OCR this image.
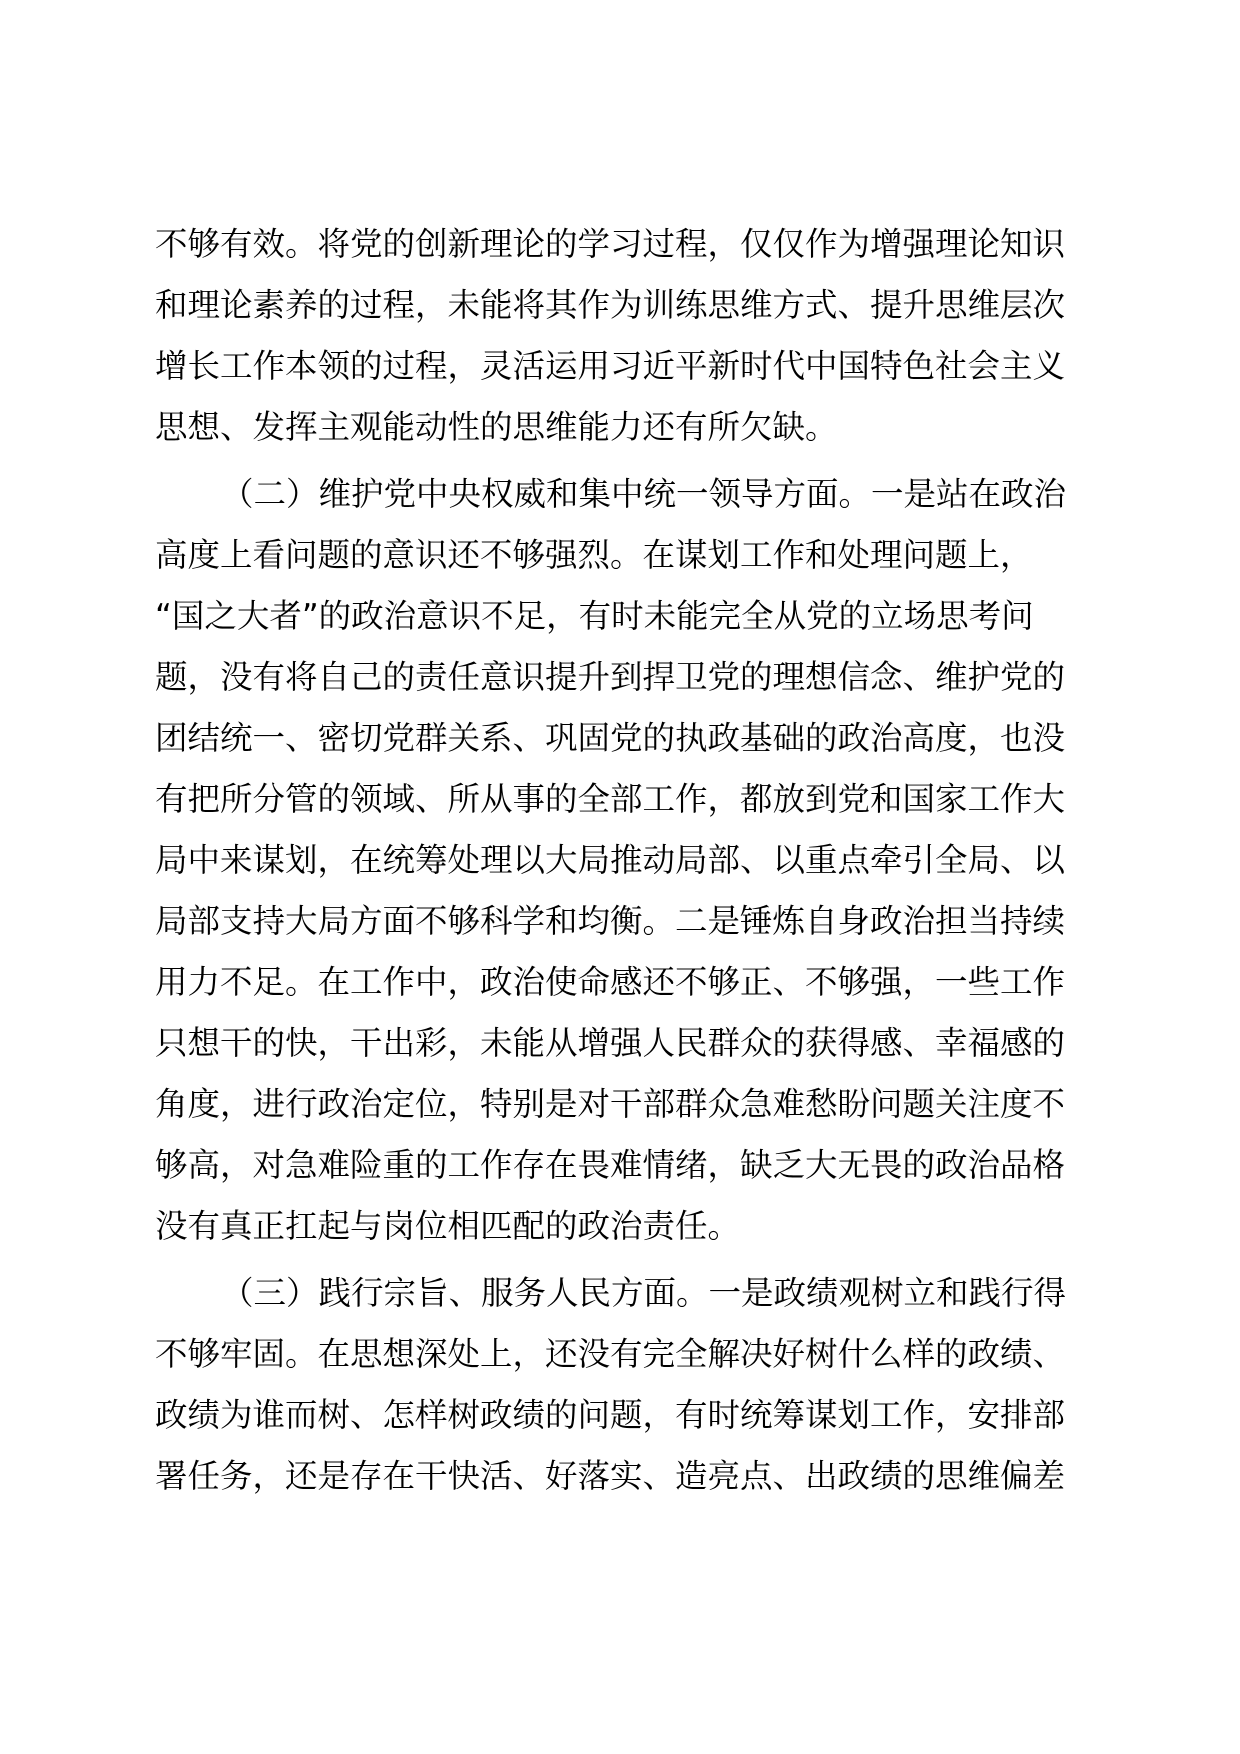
不够有效。将党的创新理论的学习过程，仅仅作为增强理论知识
和理论素养的过程，未能将其作为训练思维方式、提升思维层次
增长工作本领的过程，灵活运用习近平新时代中国特色社会主义
思想、发挥主观能动性的思维能力还有所欠缺。
（二）维护党中央权威和集中统一领导方面。一是站在政治
高度上看问题的意识还不够强烈。在谋划工作和处理问题上，
“国之大者”的政治意识不足，有时未能完全从党的立场思考问
题，没有将自己的责任意识提升到捍卫党的理想信念、维护党的
团结统一、密切党群关系、巩固党的执政基础的政治高度，也没
有把所分管的领域、所从事的全部工作，都放到党和国家工作大
局中来谋划，在统筹处理以大局推动局部、以重点牵引全局、以
局部支持大局方面不够科学和均衡。二是锤炼自身政治担当持续
用力不足。在工作中，政治使命感还不够正、不够强，一些工作
只想干的快，干出彩，未能从增强人民群众的获得感、幸福感的
角度，进行政治定位，特别是对干部群众急难愁盼问题关注度不
够高，对急难险重的工作存在畏难情绪，缺乏大无畏的政治品格
没有真正扛起与岗位相匹配的政治责任。
（三）践行宗旨、服务人民方面。一是政绩观树立和践行得
不够牢固。在思想深处上，还没有完全解决好树什么样的政绩、
政绩为谁而树、怎样树政绩的问题，有时统筹谋划工作，安排部
署任务，还是存在干快活、好落实、造亮点、出政绩的思维偏差
